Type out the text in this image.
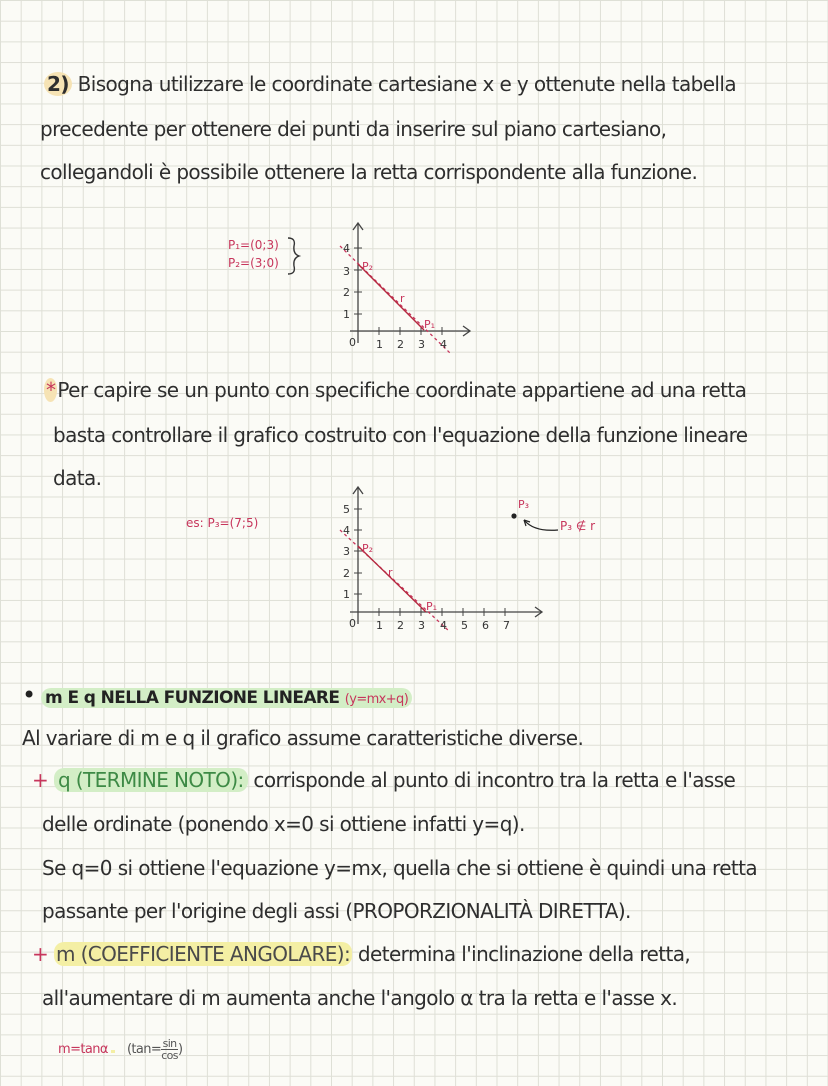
2) Bisogna utilizzare le coordinate cartesiane x e y ottenute nella tabella
precedente per ottenere dei punti da inserire sul piano cartesiano,
collegandoli è possibile ottenere la retta corrispondente alla funzione.
P₁=(0;3)
P₂=(3;0)
4
3
2
1
0 1 2 3 4
P₂
r
P₁
* Per capire se un punto con specifiche coordinate appartiene ad una retta
basta controllare il grafico costruito con l'equazione della funzione lineare
data.
es: P₃=(7;5)
5
4
3
2
1
0 1 2 3 4 5 6 7
P₂
r
P₁
P₃
P₃ ∉ r
• m E q NELLA FUNZIONE LINEARE (y=mx+q)
Al variare di m e q il grafico assume caratteristiche diverse.
+ q (TERMINE NOTO): corrisponde al punto di incontro tra la retta e l'asse
delle ordinate (ponendo x=0 si ottiene infatti y=q).
Se q=0 si ottiene l'equazione y=mx, quella che si ottiene è quindi una retta
passante per l'origine degli assi (PROPORZIONALITÀ DIRETTA).
+ m (COEFFICIENTE ANGOLARE): determina l'inclinazione della retta,
all'aumentare di m aumenta anche l'angolo α tra la retta e l'asse x.
m=tanα ($\tan= \frac{\sin}{\cos}$ )
